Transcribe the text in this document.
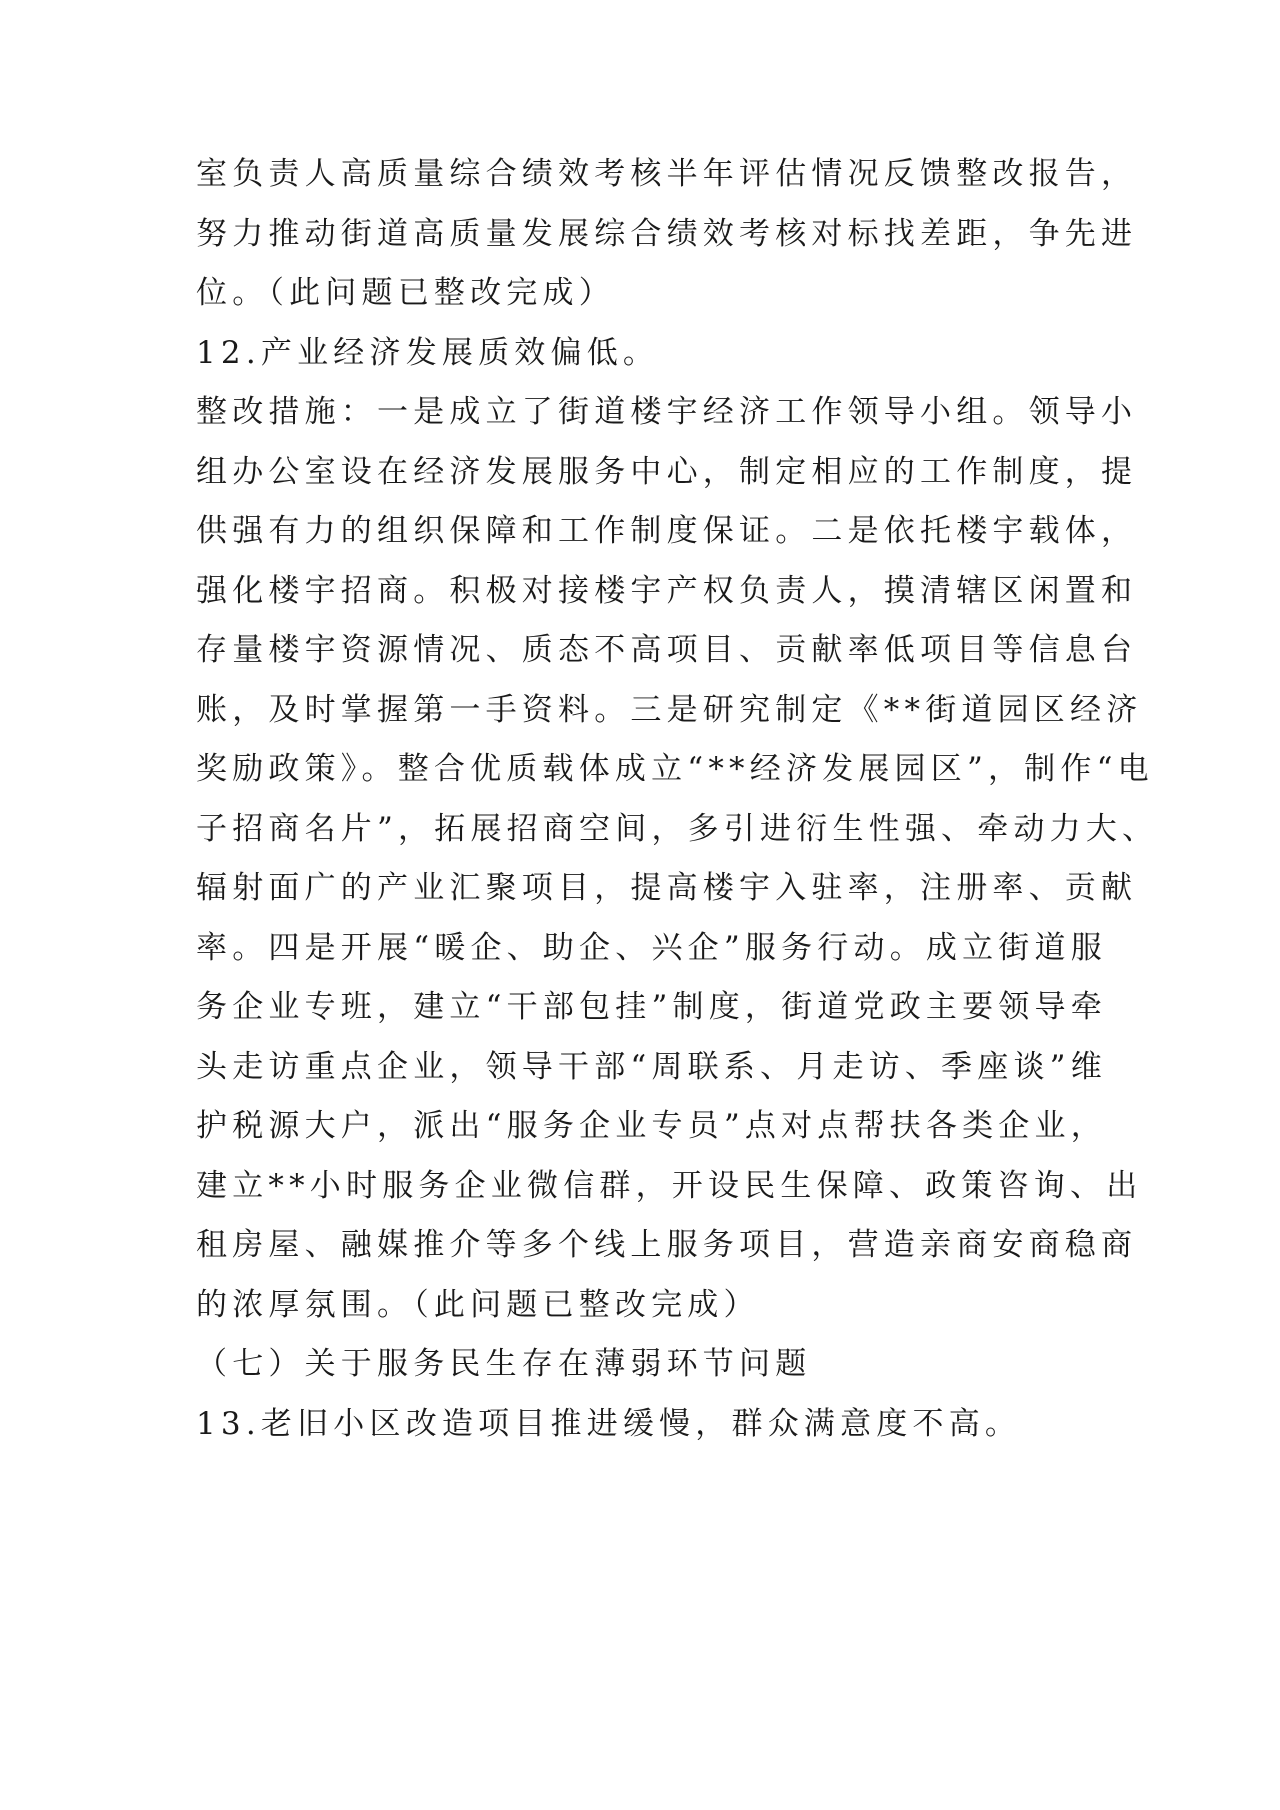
室负责人高质量综合绩效考核半年评估情况反馈整改报告，
努力推动街道高质量发展综合绩效考核对标找差距，争先进
位。（此问题已整改完成）
12.产业经济发展质效偏低。
整改措施：一是成立了街道楼宇经济工作领导小组。领导小
组办公室设在经济发展服务中心，制定相应的工作制度，提
供强有力的组织保障和工作制度保证。二是依托楼宇载体，
强化楼宇招商。积极对接楼宇产权负责人，摸清辖区闲置和
存量楼宇资源情况、质态不高项目、贡献率低项目等信息台
账，及时掌握第一手资料。三是研究制定《**街道园区经济
奖励政策》。整合优质载体成立“**经济发展园区”，制作“电
子招商名片”，拓展招商空间，多引进衍生性强、牵动力大、
辐射面广的产业汇聚项目，提高楼宇入驻率，注册率、贡献
率。四是开展“暖企、助企、兴企”服务行动。成立街道服
务企业专班，建立“干部包挂”制度，街道党政主要领导牵
头走访重点企业，领导干部“周联系、月走访、季座谈”维
护税源大户，派出“服务企业专员”点对点帮扶各类企业，
建立**小时服务企业微信群，开设民生保障、政策咨询、出
租房屋、融媒推介等多个线上服务项目，营造亲商安商稳商
的浓厚氛围。（此问题已整改完成）
（七）关于服务民生存在薄弱环节问题
13.老旧小区改造项目推进缓慢，群众满意度不高。
